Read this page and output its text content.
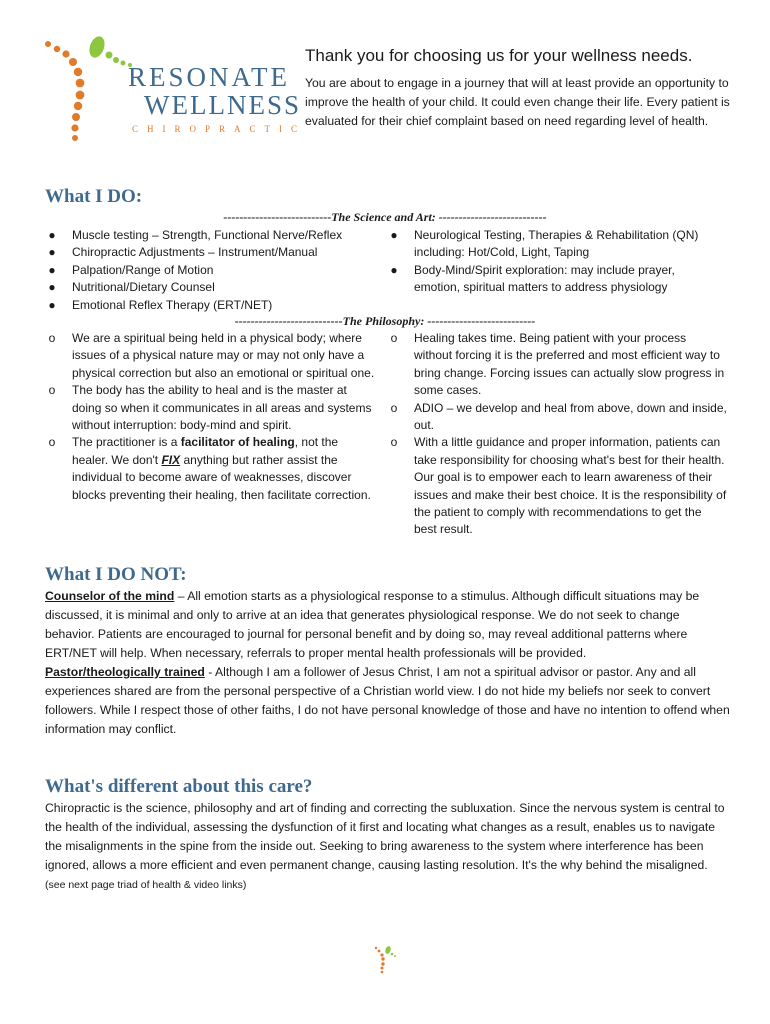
RESONATE
WELLNESS
CHIROPRACTIC
Thank you for choosing us for your wellness needs.

You are about to engage in a journey that will at least provide an opportunity to improve the health of your child. It could even change their life. Every patient is evaluated for their chief complaint based on need regarding level of health.

What I DO:
---------------------------The Science and Art: ---------------------------
● Muscle testing – Strength, Functional Nerve/Reflex
● Chiropractic Adjustments – Instrument/Manual
● Palpation/Range of Motion
● Nutritional/Dietary Counsel
● Emotional Reflex Therapy (ERT/NET)
● Neurological Testing, Therapies & Rehabilitation (QN) including: Hot/Cold, Light, Taping
● Body-Mind/Spirit exploration: may include prayer, emotion, spiritual matters to address physiology
---------------------------The Philosophy: ---------------------------
o	We are a spiritual being held in a physical body; where issues of a physical nature may or may not only have a physical correction but also an emotional or spiritual one.
o	The body has the ability to heal and is the master at doing so when it communicates in all areas and systems without interruption: body-mind and spirit.
o	The practitioner is a facilitator of healing, not the healer. We don't FIX anything but rather assist the individual to become aware of weaknesses, discover blocks preventing their healing, then facilitate correction.
o	Healing takes time. Being patient with your process without forcing it is the preferred and most efficient way to bring change. Forcing issues can actually slow progress in some cases.
o	ADIO – we develop and heal from above, down and inside, out.
o	With a little guidance and proper information, patients can take responsibility for choosing what's best for their health. Our goal is to empower each to learn awareness of their issues and make their best choice. It is the responsibility of the patient to comply with recommendations to get the best result.
What I DO NOT:

Counselor of the mind – All emotion starts as a physiological response to a stimulus. Although difficult situations may be discussed, it is minimal and only to arrive at an idea that generates physiological response. We do not seek to change behavior. Patients are encouraged to journal for personal benefit and by doing so, may reveal additional patterns where ERT/NET will help. When necessary, referrals to proper mental health professionals will be provided.

Pastor/theologically trained - Although I am a follower of Jesus Christ, I am not a spiritual advisor or pastor. Any and all experiences shared are from the personal perspective of a Christian world view. I do not hide my beliefs nor seek to convert followers. While I respect those of other faiths, I do not have personal knowledge of those and have no intention to offend when information may conflict.

What's different about this care?

Chiropractic is the science, philosophy and art of finding and correcting the subluxation. Since the nervous system is central to the health of the individual, assessing the dysfunction of it first and locating what changes as a result, enables us to navigate the misalignments in the spine from the inside out. Seeking to bring awareness to the system where interference has been ignored, allows a more efficient and even permanent change, causing lasting resolution. It's the why behind the misaligned. (see next page triad of health & video links)
